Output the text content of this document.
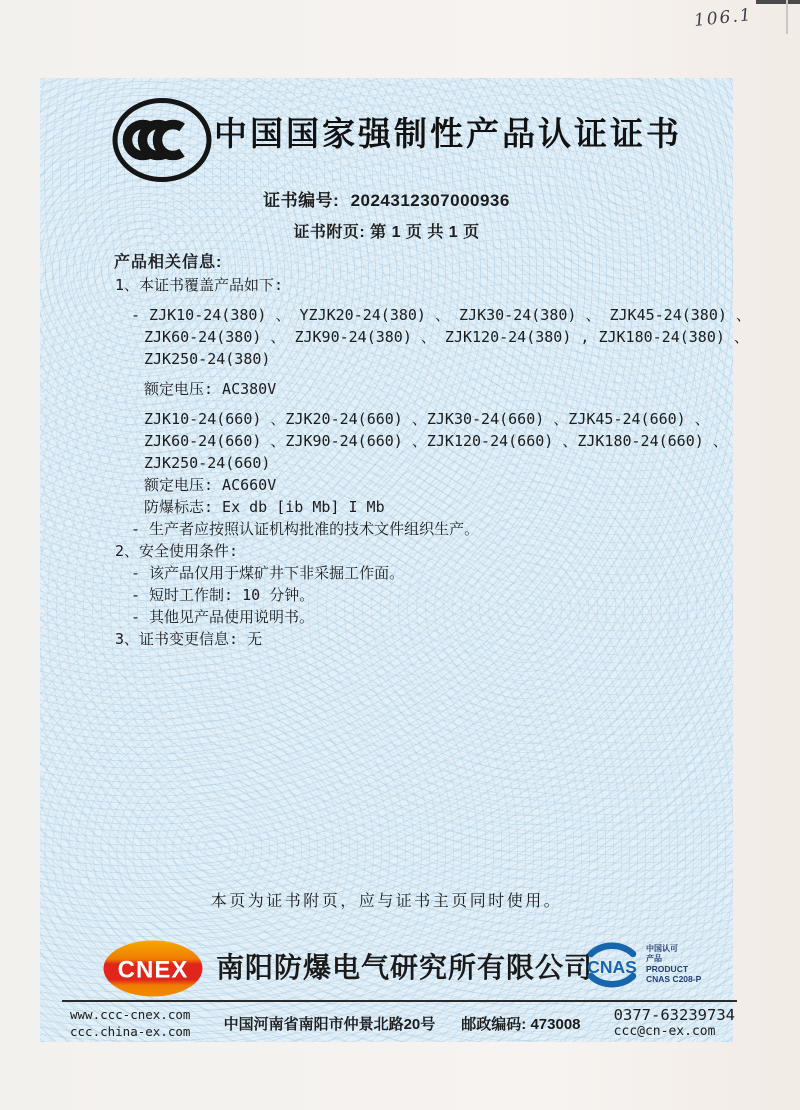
106.1
中国国家强制性产品认证证书
证书编号: 2024312307000936
证书附页: 第 1 页 共 1 页
产品相关信息:
1、本证书覆盖产品如下:
- ZJK10-24(380) 、 YZJK20-24(380) 、 ZJK30-24(380) 、 ZJK45-24(380) 、
ZJK60-24(380) 、 ZJK90-24(380) 、 ZJK120-24(380) , ZJK180-24(380) 、
ZJK250-24(380)
额定电压: AC380V
ZJK10-24(660) 、ZJK20-24(660) 、ZJK30-24(660) 、ZJK45-24(660) 、
ZJK60-24(660) 、ZJK90-24(660) 、ZJK120-24(660) 、ZJK180-24(660) 、
ZJK250-24(660)
额定电压: AC660V
防爆标志: Ex db [ib Mb] I Mb
- 生产者应按照认证机构批准的技术文件组织生产。
2、安全使用条件:
- 该产品仅用于煤矿井下非采掘工作面。
- 短时工作制: 10 分钟。
- 其他见产品使用说明书。
3、证书变更信息: 无
本页为证书附页，应与证书主页同时使用。
CNEX 南阳防爆电气研究所有限公司
CNAS
中国认可
产品
PRODUCT
CNAS C208-P
www.ccc-cnex.com
ccc.china-ex.com 中国河南省南阳市仲景北路20号 邮政编码: 473008 0377-63239734
ccc@cn-ex.com
